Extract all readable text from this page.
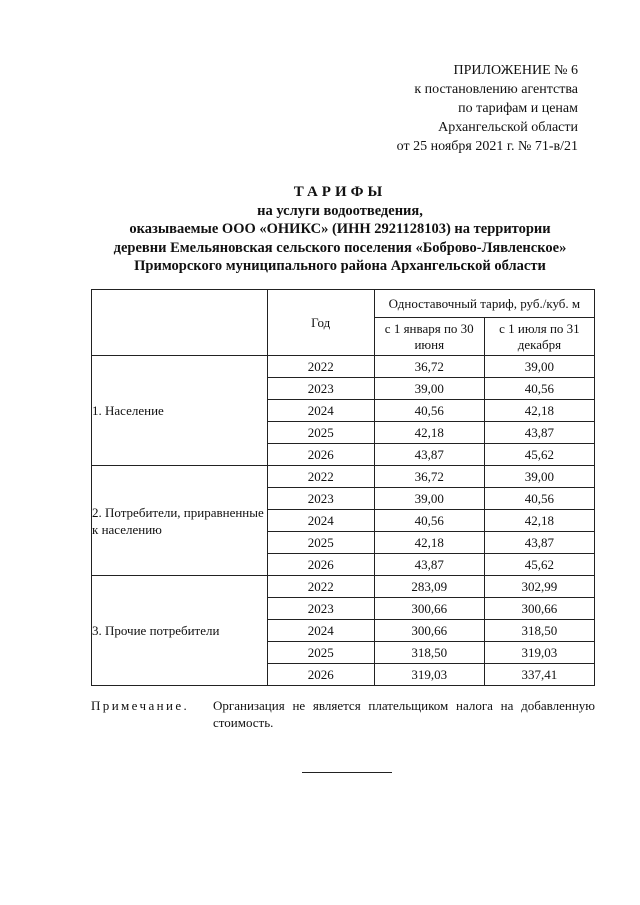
ПРИЛОЖЕНИЕ № 6
к постановлению агентства
по тарифам и ценам
Архангельской области
от 25 ноября 2021 г. № 71-в/21
ТАРИФЫ
на услуги водоотведения,
оказываемые ООО «ОНИКС» (ИНН 2921128103) на территории
деревни Емельяновская сельского поселения «Боброво-Лявленское»
Приморского муниципального района Архангельской области
	Год	Одноставочный тариф, руб./куб. м	
		с 1 января по 30 июня	с 1 июля по 31 декабря
1. Население	2022	36,72	39,00
	2023	39,00	40,56
	2024	40,56	42,18
	2025	42,18	43,87
	2026	43,87	45,62
2. Потребители, приравненные к населению	2022	36,72	39,00
	2023	39,00	40,56
	2024	40,56	42,18
	2025	42,18	43,87
	2026	43,87	45,62
3. Прочие потребители	2022	283,09	302,99
	2023	300,66	300,66
	2024	300,66	318,50
	2025	318,50	319,03
	2026	319,03	337,41
Примечание. Организация не является плательщиком налога на добавленную стоимость.
